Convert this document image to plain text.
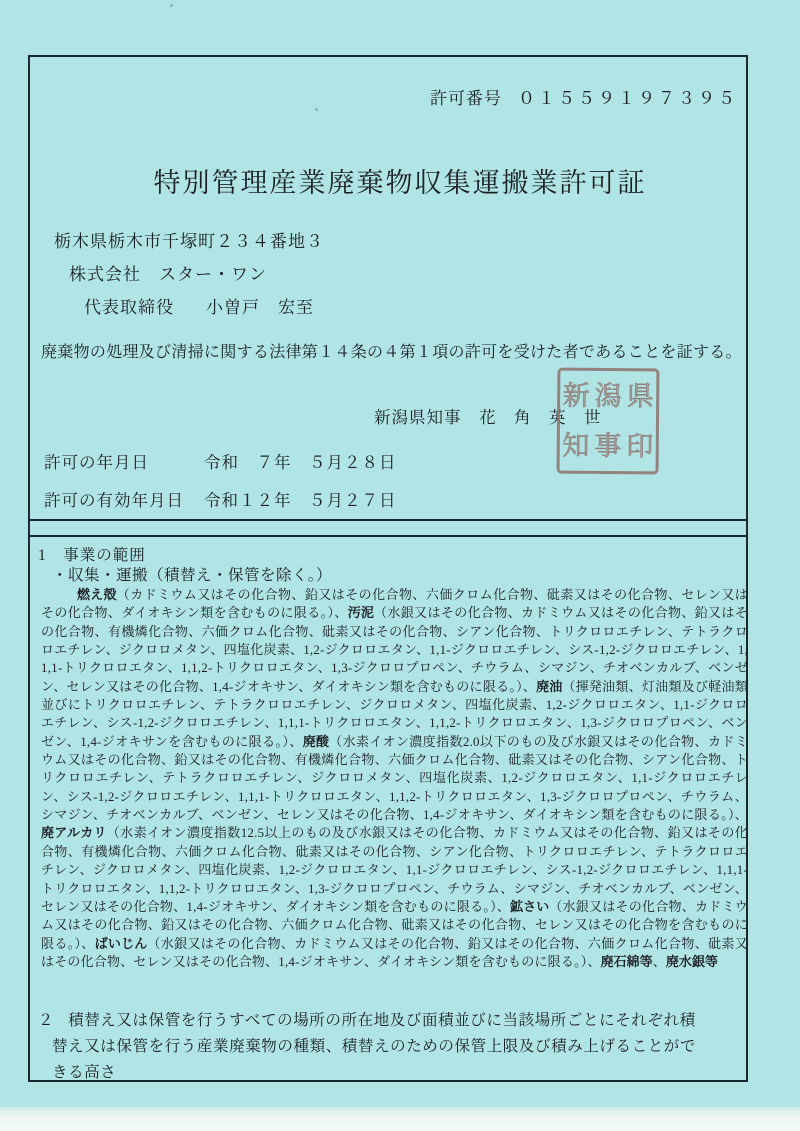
許可番号 ０１５５９１９７３９５
特別管理産業廃棄物収集運搬業許可証
栃木県栃木市千塚町２３４番地３
株式会社　スター・ワン
代表取締役 小曽戸　宏至
廃棄物の処理及び清掃に関する法律第１４条の４第１項の許可を受けた者であることを証する。
新潟県知事　花　角　英　世
新 潟 県
知 事 印
許可の年月日	令和　７年　５月２８日
許可の有効年月日 令和１２年　５月２７日
1　事業の範囲
・収集・運搬（積替え・保管を除く。）
燃え殻（カドミウム又はその化合物、鉛又はその化合物、六価クロム化合物、砒素又はその化合物、セレン又はその化合物、ダイオキシン類を含むものに限る。）、汚泥（水銀又はその化合物、カドミウム又はその化合物、鉛又はその化合物、有機燐化合物、六価クロム化合物、砒素又はその化合物、シアン化合物、トリクロロエチレン、テトラクロロエチレン、ジクロロメタン、四塩化炭素、1,2-ジクロロエタン、1,1-ジクロロエチレン、シス-1,2-ジクロロエチレン、1,1,1-トリクロロエタン、1,1,2-トリクロロエタン、1,3-ジクロロプロペン、チウラム、シマジン、チオベンカルブ、ベンゼン、セレン又はその化合物、1,4-ジオキサン、ダイオキシン類を含むものに限る。）、廃油（揮発油類、灯油類及び軽油類並びにトリクロロエチレン、テトラクロロエチレン、ジクロロメタン、四塩化炭素、1,2-ジクロロエタン、1,1-ジクロロエチレン、シス-1,2-ジクロロエチレン、1,1,1-トリクロロエタン、1,1,2-トリクロロエタン、1,3-ジクロロプロペン、ベンゼン、1,4-ジオキサンを含むものに限る。）、廃酸（水素イオン濃度指数2.0以下のもの及び水銀又はその化合物、カドミウム又はその化合物、鉛又はその化合物、有機燐化合物、六価クロム化合物、砒素又はその化合物、シアン化合物、トリクロロエチレン、テトラクロロエチレン、ジクロロメタン、四塩化炭素、1,2-ジクロロエタン、1,1-ジクロロエチレン、シス-1,2-ジクロロエチレン、1,1,1-トリクロロエタン、1,1,2-トリクロロエタン、1,3-ジクロロプロペン、チウラム、シマジン、チオベンカルブ、ベンゼン、セレン又はその化合物、1,4-ジオキサン、ダイオキシン類を含むものに限る。）、廃アルカリ（水素イオン濃度指数12.5以上のもの及び水銀又はその化合物、カドミウム又はその化合物、鉛又はその化合物、有機燐化合物、六価クロム化合物、砒素又はその化合物、シアン化合物、トリクロロエチレン、テトラクロロエチレン、ジクロロメタン、四塩化炭素、1,2-ジクロロエタン、1,1-ジクロロエチレン、シス-1,2-ジクロロエチレン、1,1,1-トリクロロエタン、1,1,2-トリクロロエタン、1,3-ジクロロプロペン、チウラム、シマジン、チオベンカルブ、ベンゼン、セレン又はその化合物、1,4-ジオキサン、ダイオキシン類を含むものに限る。）、鉱さい（水銀又はその化合物、カドミウム又はその化合物、鉛又はその化合物、六価クロム化合物、砒素又はその化合物、セレン又はその化合物を含むものに限る。）、ばいじん（水銀又はその化合物、カドミウム又はその化合物、鉛又はその化合物、六価クロム化合物、砒素又はその化合物、セレン又はその化合物、1,4-ジオキサン、ダイオキシン類を含むものに限る。）、廃石綿等、廃水銀等
２ 積替え又は保管を行うすべての場所の所在地及び面積並びに当該場所ごとにそれぞれ積替え又は保管を行う産業廃棄物の種類、積替えのための保管上限及び積み上げることができる高さ
